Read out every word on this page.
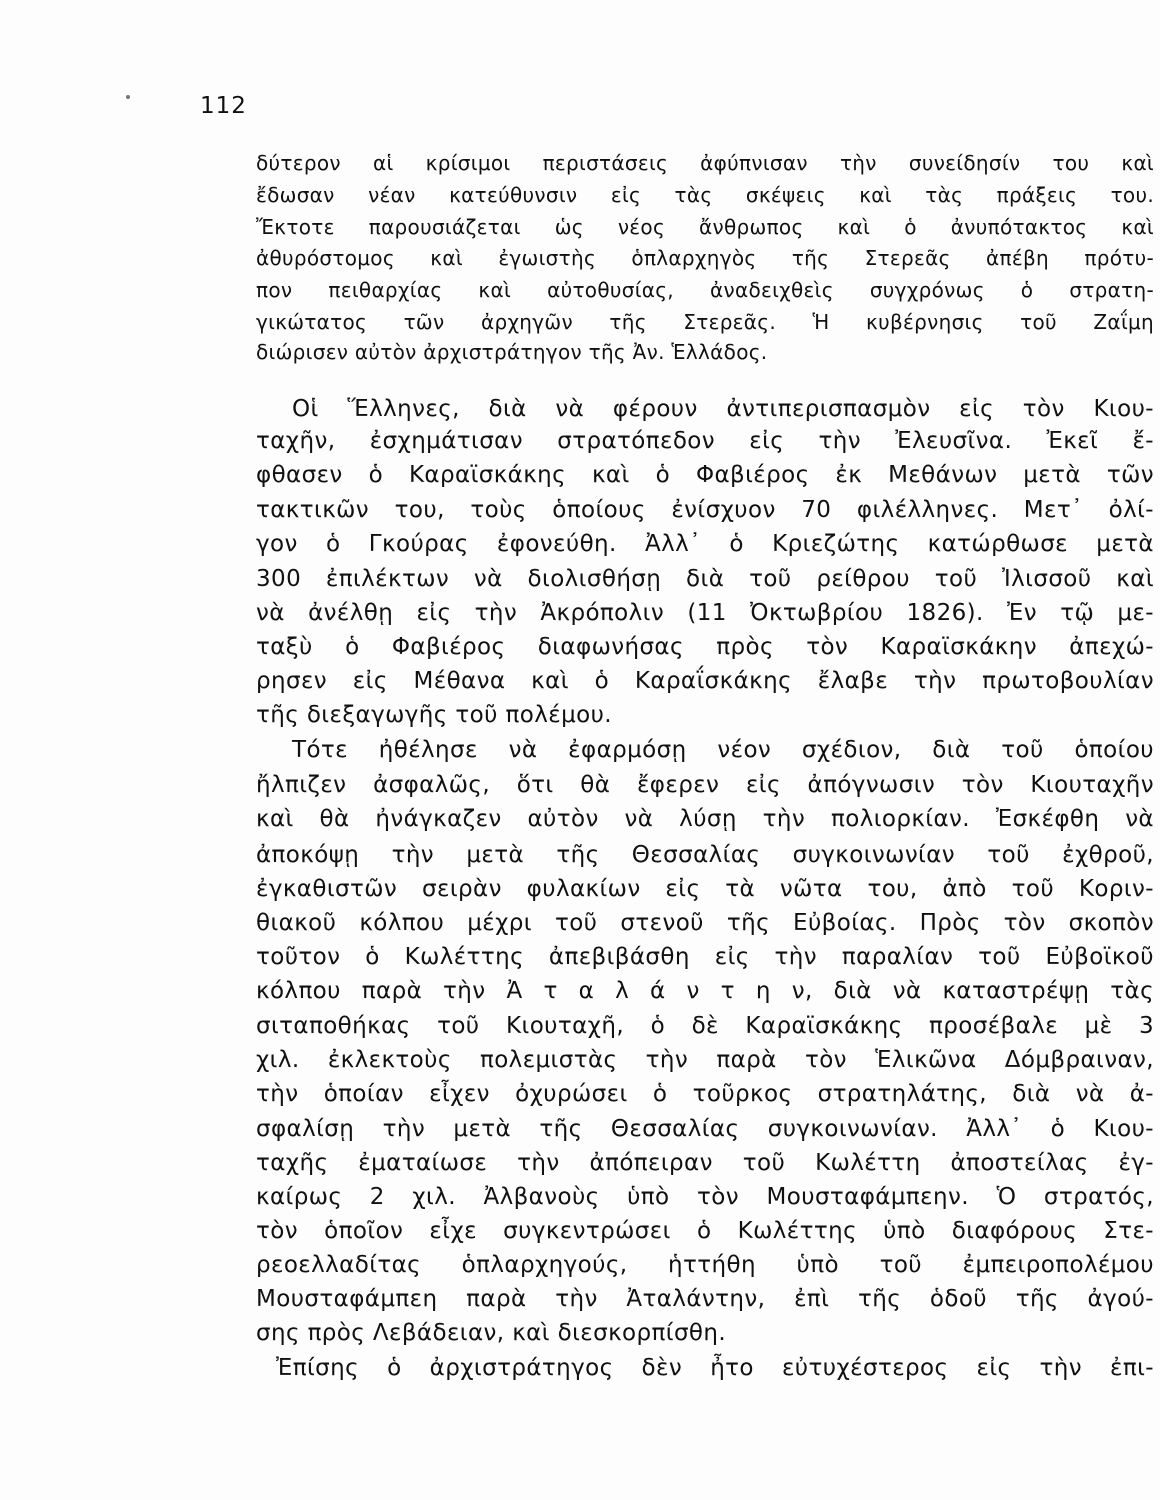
112

δύτερον αἱ κρίσιμοι περιστάσεις ἀφύπνισαν τὴν συνείδησίν του καὶ

ἔδωσαν νέαν κατεύθυνσιν εἰς τὰς σκέψεις καὶ τὰς πράξεις του.

Ἔκτοτε παρουσιάζεται ὡς νέος ἄνθρωπος καὶ ὁ ἀνυπότακτος καὶ

ἀθυρόστομος καὶ ἐγωιστὴς ὁπλαρχηγὸς τῆς Στερεᾶς ἀπέβη πρότυ-

πον πειθαρχίας καὶ αὐτοθυσίας, ἀναδειχθεὶς συγχρόνως ὁ στρατη-

γικώτατος τῶν ἀρχηγῶν τῆς Στερεᾶς. Ἡ κυβέρνησις τοῦ Ζαΐμη

διώρισεν αὐτὸν ἀρχιστράτηγον τῆς Ἀν. Ἑλλάδος.

Οἱ Ἕλληνες, διὰ νὰ φέρουν ἀντιπερισπασμὸν εἰς τὸν Κιου-

ταχῆν, ἐσχημάτισαν στρατόπεδον εἰς τὴν Ἐλευσῖνα. Ἐκεῖ ἔ-

φθασεν ὁ Καραϊσκάκης καὶ ὁ Φαβιέρος ἐκ Μεθάνων μετὰ τῶν

τακτικῶν του, τοὺς ὁποίους ἐνίσχυον 70 φιλέλληνες. Μετ᾽ ὀλί-

γον ὁ Γκούρας ἐφονεύθη. Ἀλλ᾽ ὁ Κριεζώτης κατώρθωσε μετὰ

300 ἐπιλέκτων νὰ διολισθήσῃ διὰ τοῦ ρείθρου τοῦ Ἰλισσοῦ καὶ

νὰ ἀνέλθῃ εἰς τὴν Ἀκρόπολιν (11 Ὀκτωβρίου 1826). Ἐν τῷ με-

ταξὺ ὁ Φαβιέρος διαφωνήσας πρὸς τὸν Καραϊσκάκην ἀπεχώ-

ρησεν εἰς Μέθανα καὶ ὁ Καραΐσκάκης ἔλαβε τὴν πρωτοβουλίαν

τῆς διεξαγωγῆς τοῦ πολέμου.

Τότε ἠθέλησε νὰ ἐφαρμόσῃ νέον σχέδιον, διὰ τοῦ ὁποίου

ἤλπιζεν ἀσφαλῶς, ὅτι θὰ ἔφερεν εἰς ἀπόγνωσιν τὸν Κιουταχῆν

καὶ θὰ ἠνάγκαζεν αὐτὸν νὰ λύσῃ τὴν πολιορκίαν. Ἐσκέφθη νὰ

ἀποκόψῃ τὴν μετὰ τῆς Θεσσαλίας συγκοινωνίαν τοῦ ἐχθροῦ,

ἐγκαθιστῶν σειρὰν φυλακίων εἰς τὰ νῶτα του, ἀπὸ τοῦ Κοριν-

θιακοῦ κόλπου μέχρι τοῦ στενοῦ τῆς Εὐβοίας. Πρὸς τὸν σκοπὸν

τοῦτον ὁ Κωλέττης ἀπεβιβάσθη εἰς τὴν παραλίαν τοῦ Εὐβοϊκοῦ

κόλπου παρὰ τὴν Ἀ τ α λ ά ν τ η ν, διὰ νὰ καταστρέψῃ τὰς

σιταποθήκας τοῦ Κιουταχῆ, ὁ δὲ Καραϊσκάκης προσέβαλε μὲ 3

χιλ. ἐκλεκτοὺς πολεμιστὰς τὴν παρὰ τὸν Ἑλικῶνα Δόμβραιναν,

τὴν ὁποίαν εἶχεν ὀχυρώσει ὁ τοῦρκος στρατηλάτης, διὰ νὰ ἀ-

σφαλίσῃ τὴν μετὰ τῆς Θεσσαλίας συγκοινωνίαν. Ἀλλ᾽ ὁ Κιου-

ταχῆς ἐματαίωσε τὴν ἀπόπειραν τοῦ Κωλέττη ἀποστείλας ἐγ-

καίρως 2 χιλ. Ἀλβανοὺς ὑπὸ τὸν Μουσταφάμπεην. Ὁ στρατός,

τὸν ὁποῖον εἶχε συγκεντρώσει ὁ Κωλέττης ὑπὸ διαφόρους Στε-

ρεοελλαδίτας ὁπλαρχηγούς, ἡττήθη ὑπὸ τοῦ ἐμπειροπολέμου

Μουσταφάμπεη παρὰ τὴν Ἀταλάντην, ἐπὶ τῆς ὁδοῦ τῆς ἀγού-

σης πρὸς Λεβάδειαν, καὶ διεσκορπίσθη.

Ἐπίσης ὁ ἀρχιστράτηγος δὲν ἦτο εὐτυχέστερος εἰς τὴν ἐπι-
